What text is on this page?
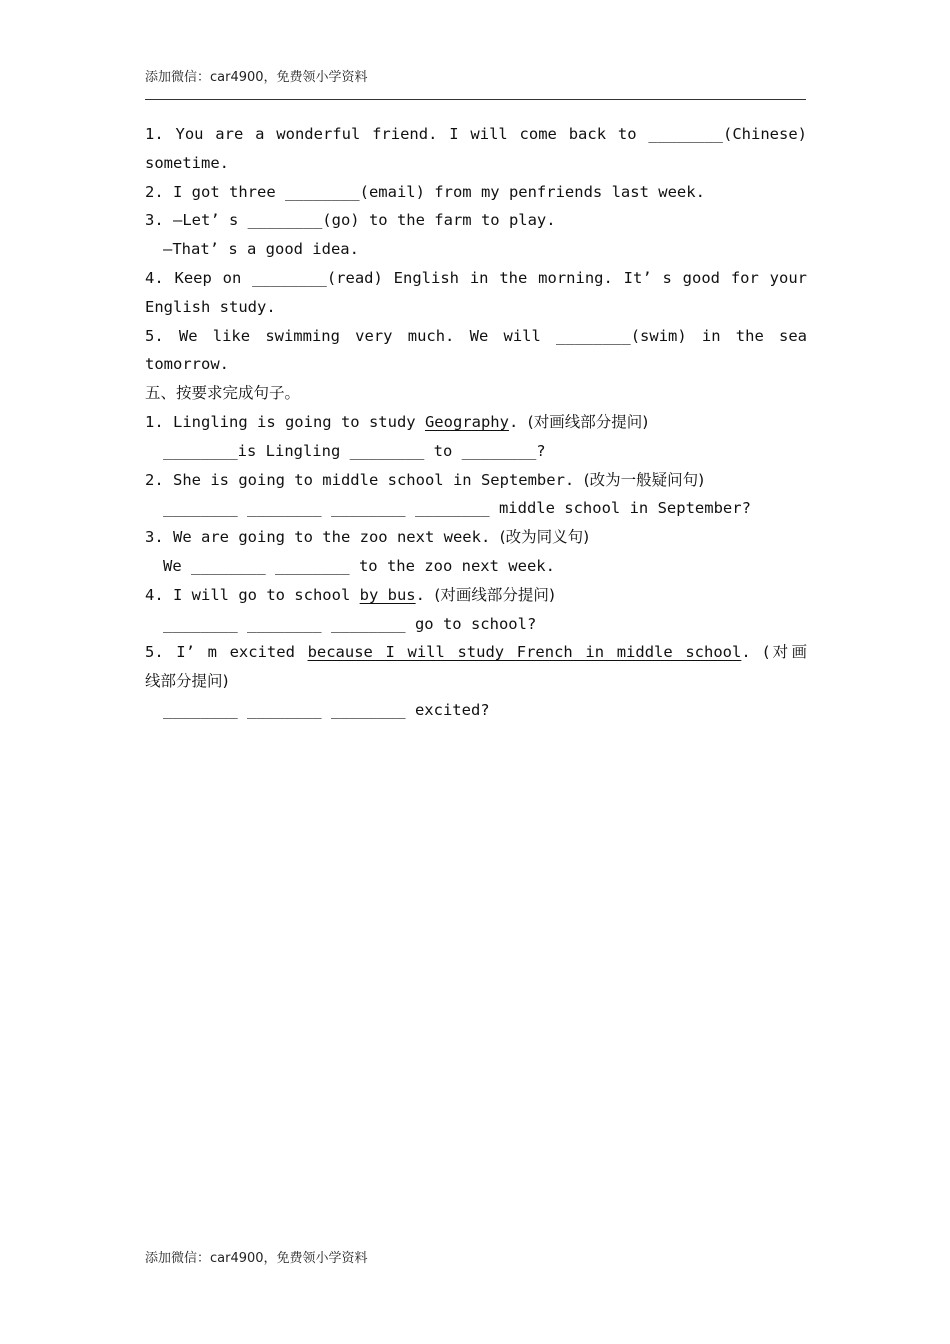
添加微信：car4900，免费领小学资料
1. You are a wonderful friend. I will come back to ________(Chinese)
sometime.
2. I got three ________(email) from my penfriends last week.
3. —Let’ s ________(go) to the farm to play.
—That’ s a good idea.
4. Keep on ________(read) English in the morning. It’ s good for your
English study.
5. We like swimming very much. We will ________(swim) in the sea
tomorrow.
五、按要求完成句子。
1. Lingling is going to study Geography. (对画线部分提问)
________is Lingling ________ to ________?
2. She is going to middle school in September. (改为一般疑问句)
________ ________ ________ ________ middle school in September?
3. We are going to the zoo next week. (改为同义句)
We ________ ________ to the zoo next week.
4. I will go to school by bus. (对画线部分提问)
________ ________ ________ go to school?
5. I’ m excited because I will study French in middle school. (对画
线部分提问)
________ ________ ________ excited?
添加微信：car4900，免费领小学资料
